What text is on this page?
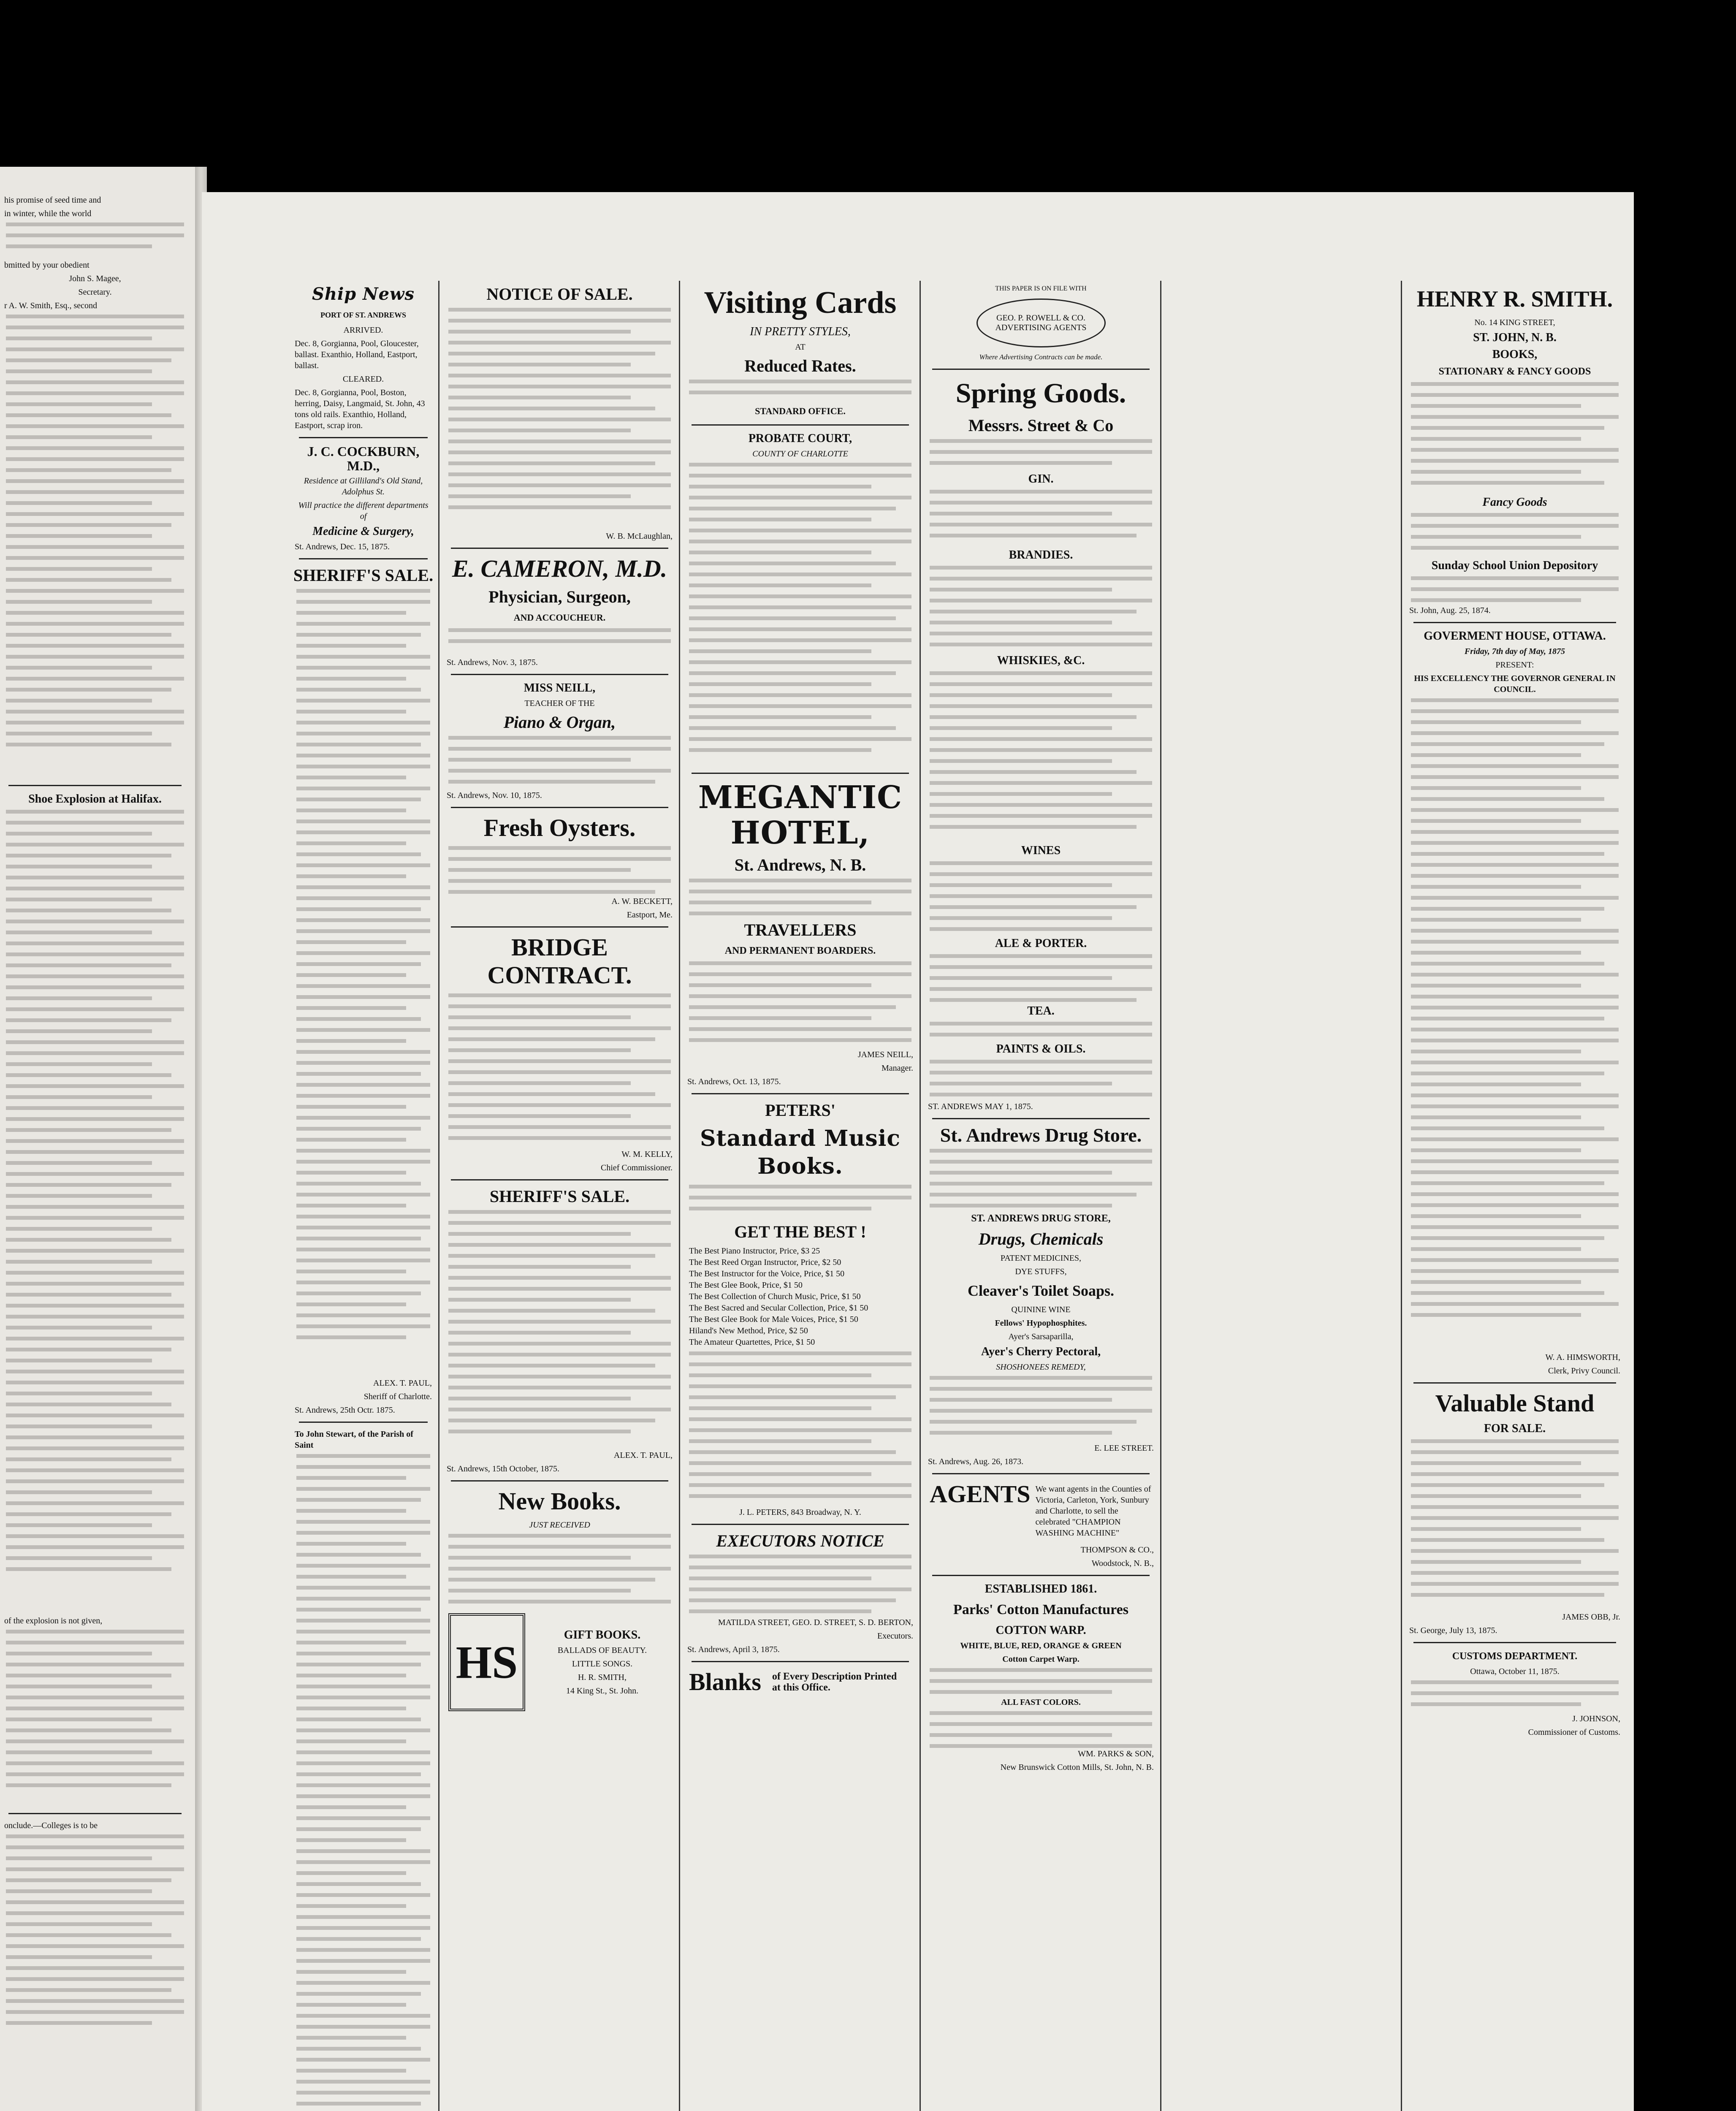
his promise of seed time and
in winter, while the world
bmitted by your obedient
John S. Magee,
Secretary.
r A. W. Smith, Esq., second
Shoe Explosion at Halifax.
of the explosion is not given,
onclude.—Colleges is to be
Ship News
PORT OF ST. ANDREWS
ARRIVED.
Dec. 8, Gorgianna, Pool, Gloucester, ballast. Exanthio, Holland, Eastport, ballast.
CLEARED.
Dec. 8, Gorgianna, Pool, Boston, herring, Daisy, Langmaid, St. John, 43 tons old rails. Exanthio, Holland, Eastport, scrap iron.
J. C. COCKBURN, M.D.,
Residence at Gilliland's Old Stand, Adolphus St.
Will practice the different departments of
Medicine & Surgery,
St. Andrews, Dec. 15, 1875.
SHERIFF'S SALE.
ALEX. T. PAUL,
Sheriff of Charlotte.
St. Andrews, 25th Octr. 1875.
To John Stewart, of the Parish of Saint
NOTICE OF SALE.
W. B. McLaughlan,
E. CAMERON, M.D.
Physician, Surgeon,
AND ACCOUCHEUR.
St. Andrews, Nov. 3, 1875.
MISS NEILL,
TEACHER OF THE
Piano & Organ,
St. Andrews, Nov. 10, 1875.
Fresh Oysters.
A. W. BECKETT,
Eastport, Me.
BRIDGE CONTRACT.
W. M. KELLY,
Chief Commissioner.
SHERIFF'S SALE.
ALEX. T. PAUL,
St. Andrews, 15th October, 1875.
New Books.
JUST RECEIVED
HS
GIFT BOOKS.
BALLADS OF BEAUTY.
LITTLE SONGS.
H. R. SMITH,
14 King St., St. John.
Visiting Cards
IN PRETTY STYLES,
AT
Reduced Rates.
STANDARD OFFICE.
PROBATE COURT,
COUNTY OF CHARLOTTE
MEGANTIC HOTEL,
St. Andrews, N. B.
TRAVELLERS
AND PERMANENT BOARDERS.
JAMES NEILL,
Manager.
St. Andrews, Oct. 13, 1875.
PETERS'
Standard Music Books.
GET THE BEST !
The Best Piano Instructor, Price, $3 25
The Best Reed Organ Instructor, Price, $2 50
The Best Instructor for the Voice, Price, $1 50
The Best Glee Book, Price, $1 50
The Best Collection of Church Music, Price, $1 50
The Best Sacred and Secular Collection, Price, $1 50
The Best Glee Book for Male Voices, Price, $1 50
Hiland's New Method, Price, $2 50
The Amateur Quartettes, Price, $1 50
J. L. PETERS, 843 Broadway, N. Y.
EXECUTORS NOTICE
MATILDA STREET, GEO. D. STREET, S. D. BERTON,
Executors.
St. Andrews, April 3, 1875.
Blanks of Every Description Printed at this Office.
THIS PAPER IS ON FILE WITH
GEO. P. ROWELL & CO. ADVERTISING AGENTS
Where Advertising Contracts can be made.
Spring Goods.
Messrs. Street & Co
GIN.
BRANDIES.
WHISKIES, &C.
WINES
ALE & PORTER.
TEA.
PAINTS & OILS.
ST. ANDREWS MAY 1, 1875.
St. Andrews Drug Store.
ST. ANDREWS DRUG STORE,
Drugs, Chemicals
PATENT MEDICINES,
DYE STUFFS,
Cleaver's Toilet Soaps.
QUININE WINE
Fellows' Hypophosphites.
Ayer's Sarsaparilla,
Ayer's Cherry Pectoral,
SHOSHONEES REMEDY,
E. LEE STREET.
St. Andrews, Aug. 26, 1873.
AGENTS We want agents in the Counties of Victoria, Carleton, York, Sunbury and Charlotte, to sell the celebrated "CHAMPION WASHING MACHINE"
THOMPSON & CO.,
Woodstock, N. B.,
ESTABLISHED 1861.
Parks' Cotton Manufactures
COTTON WARP.
WHITE, BLUE, RED, ORANGE & GREEN
Cotton Carpet Warp.
ALL FAST COLORS.
WM. PARKS & SON,
New Brunswick Cotton Mills, St. John, N. B.
HENRY R. SMITH.
No. 14 KING STREET,
ST. JOHN, N. B.
BOOKS,
STATIONARY & FANCY GOODS
Fancy Goods
Sunday School Union Depository
St. John, Aug. 25, 1874.
GOVERMENT HOUSE, OTTAWA.
Friday, 7th day of May, 1875
PRESENT:
HIS EXCELLENCY THE GOVERNOR GENERAL IN COUNCIL.
W. A. HIMSWORTH,
Clerk, Privy Council.
Valuable Stand
FOR SALE.
JAMES OBB, Jr.
St. George, July 13, 1875.
CUSTOMS DEPARTMENT.
Ottawa, October 11, 1875.
J. JOHNSON,
Commissioner of Customs.
